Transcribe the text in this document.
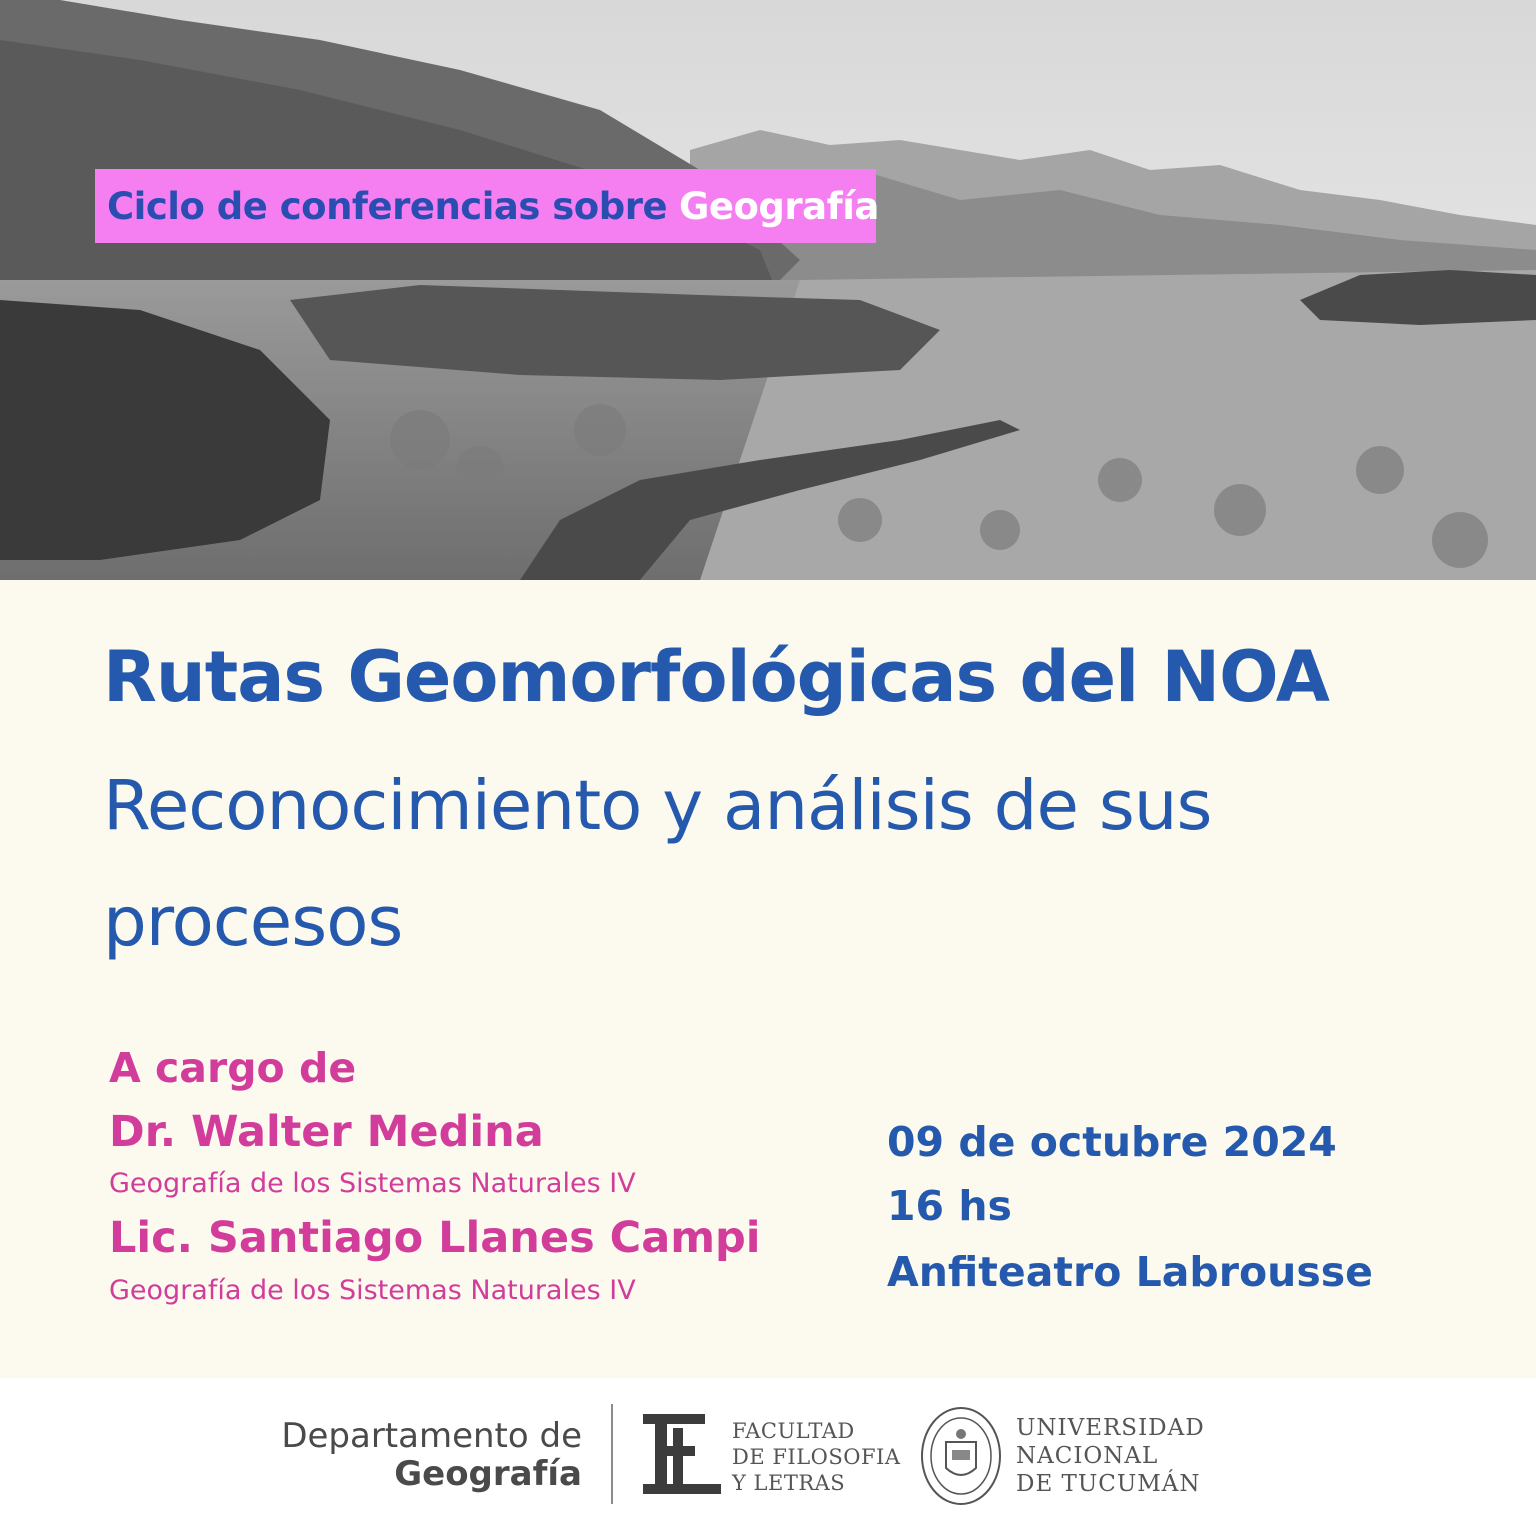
Ciclo de conferencias sobre Geografía
Rutas Geomorfológicas del NOA
Reconocimiento y análisis de sus procesos
A cargo de
Dr. Walter Medina
Geografía de los Sistemas Naturales IV
Lic. Santiago Llanes Campi
Geografía de los Sistemas Naturales IV
09 de octubre 2024
16 hs
Anfiteatro Labrousse
Departamento de
Geografía
FACULTAD
DE FILOSOFIA
Y LETRAS
UNIVERSIDAD
NACIONAL
DE TUCUMÁN
